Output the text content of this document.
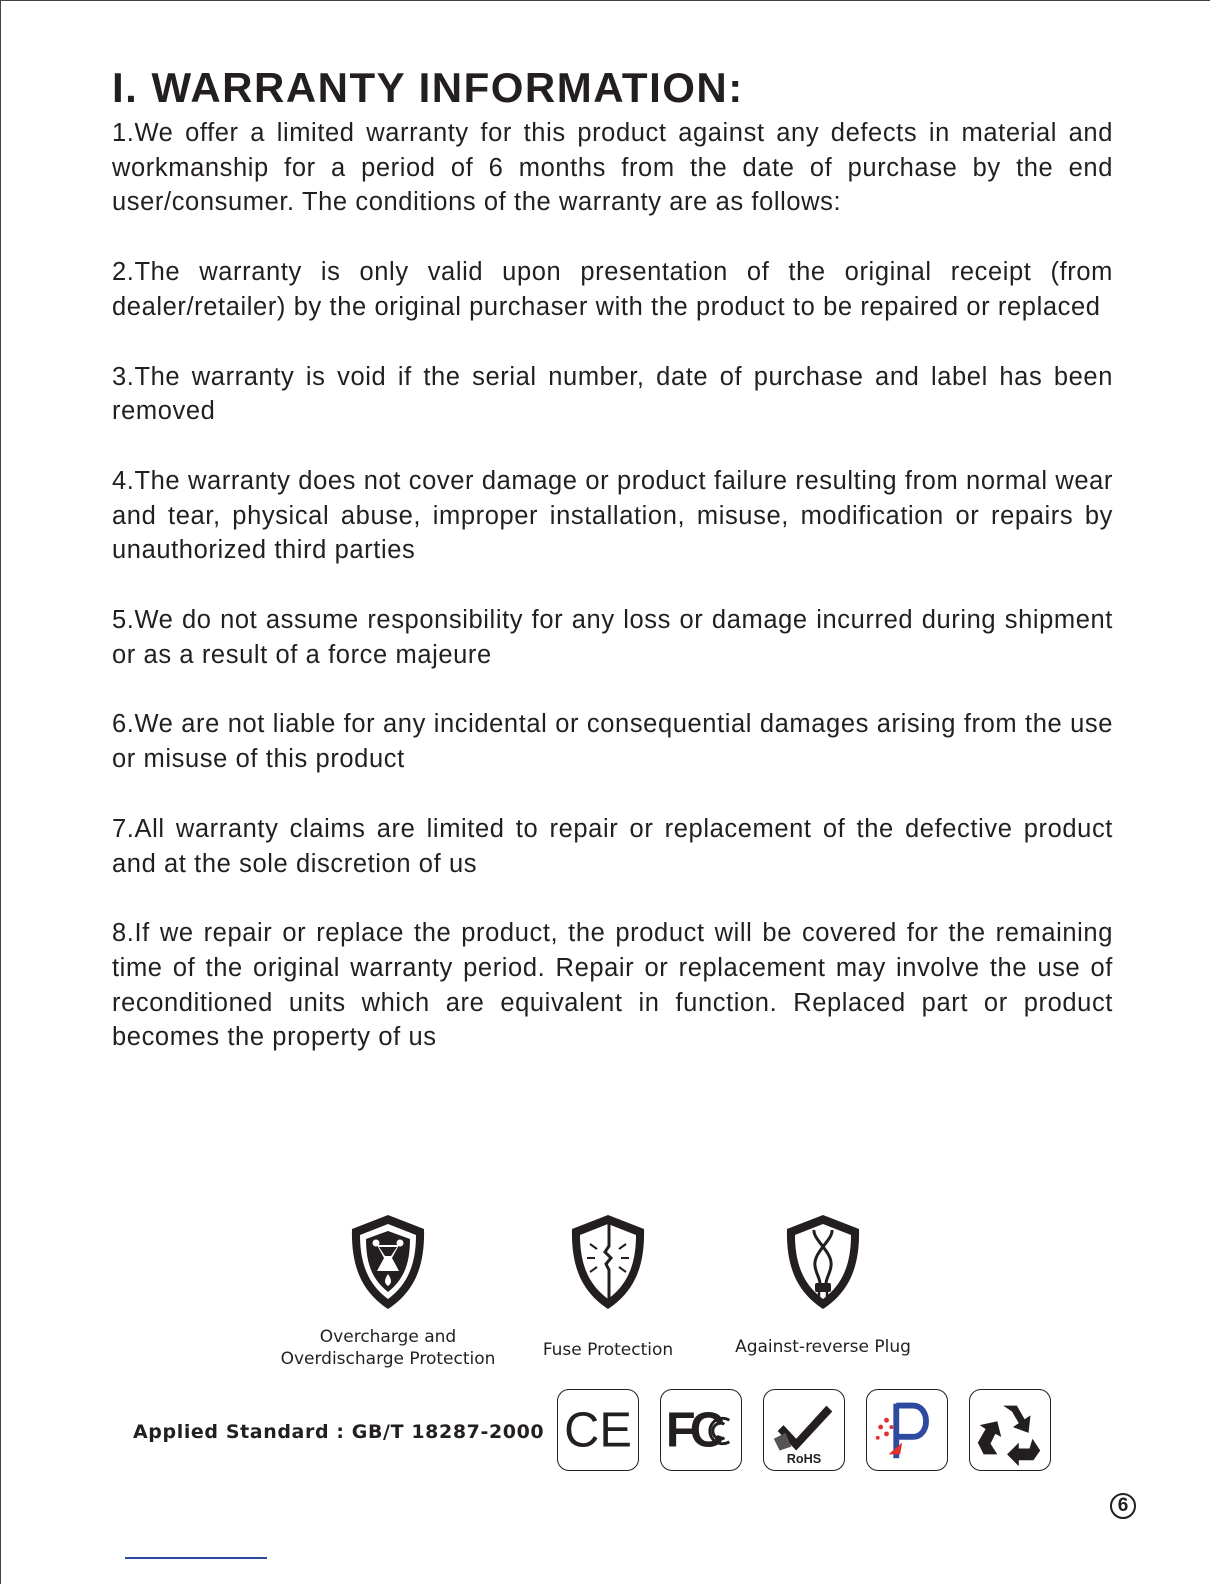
I. WARRANTY INFORMATION:

1.We offer a limited warranty for this product against any defects in material and workmanship for a period of 6 months from the date of purchase by the end user/consumer. The conditions of the warranty are as follows:

2.The warranty is only valid upon presentation of the original receipt (from dealer/retailer) by the original purchaser with the product to be repaired or replaced

3.The warranty is void if the serial number, date of purchase and label has been removed

4.The warranty does not cover damage or product failure resulting from normal wear and tear, physical abuse, improper installation, misuse, modification or repairs by unauthorized third parties

5.We do not assume responsibility for any loss or damage incurred during shipment or as a result of a force majeure

6.We are not liable for any incidental or consequential damages arising from the use or misuse of this product

7.All warranty claims are limited to repair or replacement of the defective product and at the sole discretion of us

8.If we repair or replace the product, the product will be covered for the remaining time of the original warranty period. Repair or replacement may involve the use of reconditioned units which are equivalent in function. Replaced part or product becomes the property of us

Overcharge and
Overdischarge Protection	Fuse Protection	Against-reverse Plug
Applied Standard : GB/T 18287-2000 CE FC
RoHS
6
